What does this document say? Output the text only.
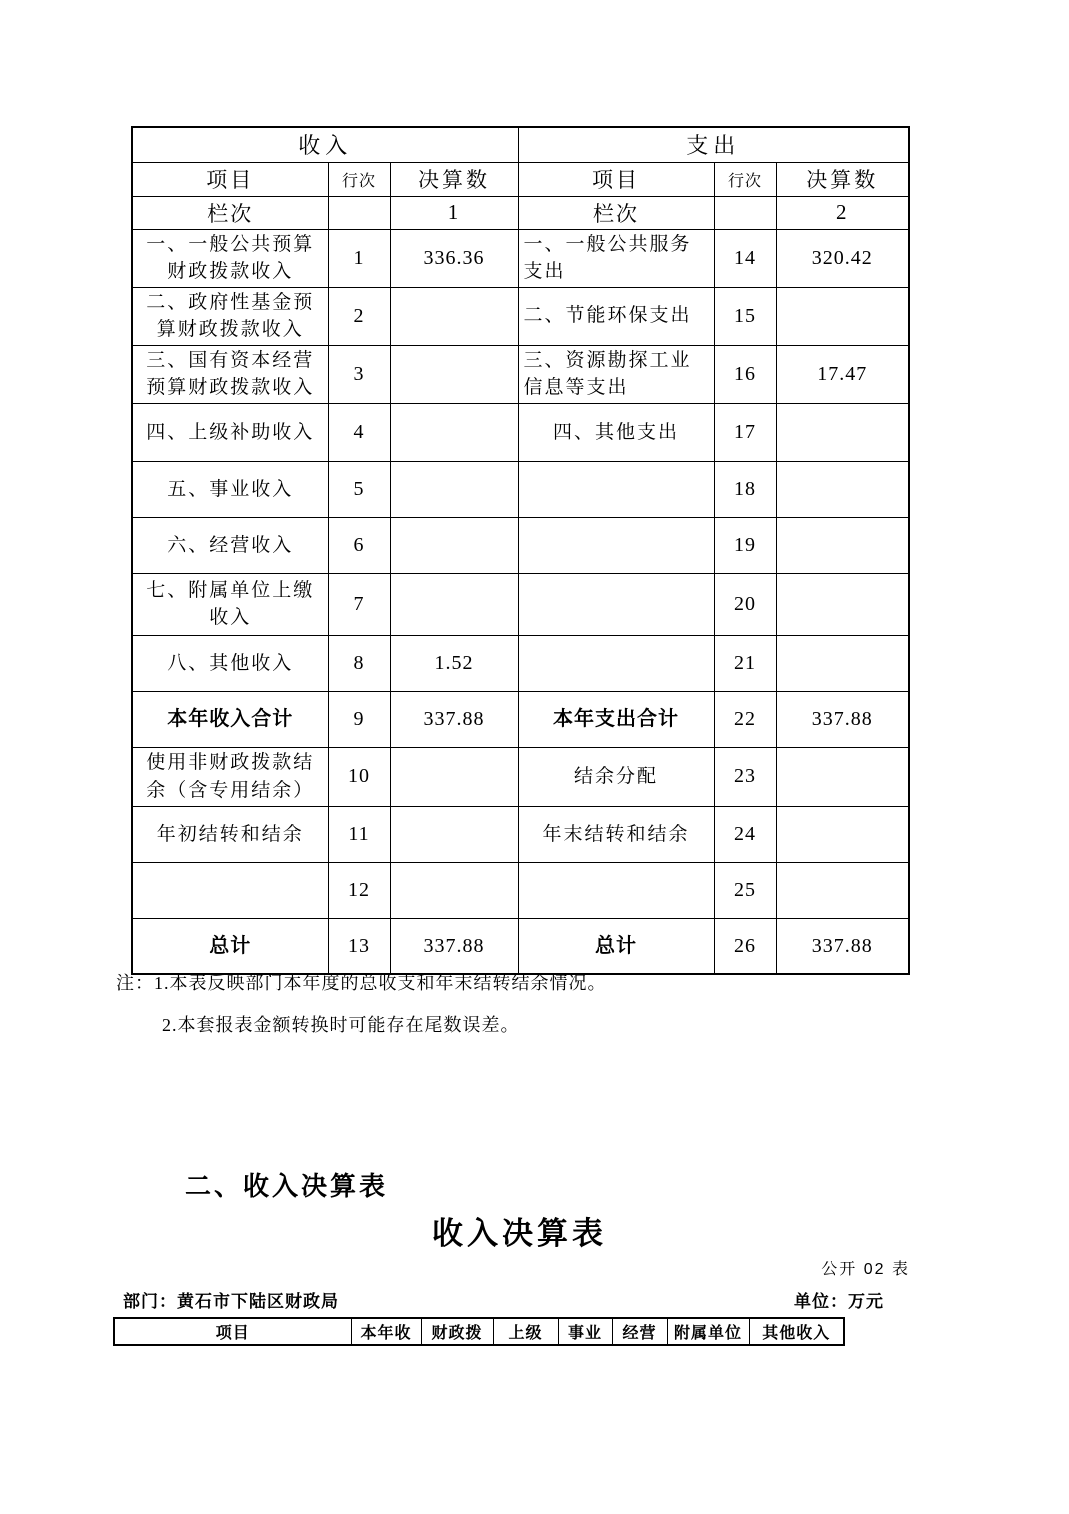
收入			支出		
项目	行次	决算数	项目	行次	决算数
栏次		1	栏次		2
一、一般公共预算财政拨款收入	1	336.36	一、一般公共服务支出	14	320.42
二、政府性基金预算财政拨款收入	2		二、节能环保支出	15	
三、国有资本经营预算财政拨款收入	3		三、资源勘探工业信息等支出	16	17.47
四、上级补助收入	4		四、其他支出	17	
五、事业收入	5			18	
六、经营收入	6			19	
七、附属单位上缴收入	7			20	
八、其他收入	8	1.52		21	
本年收入合计	9	337.88	本年支出合计	22	337.88
使用非财政拨款结余（含专用结余）	10		结余分配	23	
年初结转和结余	11		年末结转和结余	24	
	12			25	
总计	13	337.88	总计	26	337.88
注：1.本表反映部门本年度的总收支和年末结转结余情况。
2.本套报表金额转换时可能存在尾数误差。
二、收入决算表
收入决算表
公开 02 表
部门：黄石市下陆区财政局	单位：万元
项目	本年收	财政拨	上级	事业	经营	附属单位	其他收入
